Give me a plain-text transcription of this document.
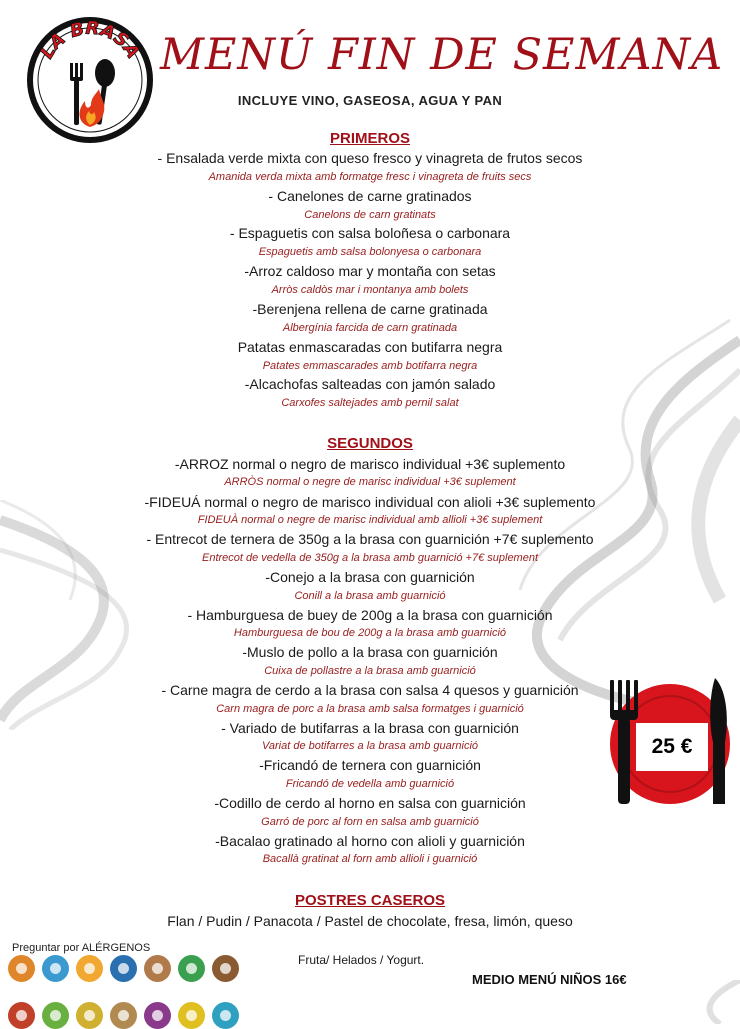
LA BRASA MENÚ FIN DE SEMANA
INCLUYE VINO, GASEOSA, AGUA Y PAN
PRIMEROS
- Ensalada verde mixta con queso fresco y vinagreta de frutos secos
Amanida verda mixta amb formatge fresc i vinagreta de fruits secs
- Canelones de carne gratinados
Canelons de carn gratinats
- Espaguetis con salsa boloñesa o carbonara
Espaguetis amb salsa bolonyesa o carbonara
-Arroz caldoso mar y montaña con setas
Arròs caldòs mar i montanya amb bolets
-Berenjena rellena de carne gratinada
Albergínia farcida de carn gratinada
Patatas enmascaradas con butifarra negra
Patates emmascarades amb botifarra negra
-Alcachofas salteadas con jamón salado
Carxofes saltejades amb pernil salat
SEGUNDOS
-ARROZ normal o negro de marisco individual +3€ suplemento
ARRÒS normal o negre de marisc individual +3€ suplement
-FIDEUÁ normal o negro de marisco individual con alioli +3€ suplemento
FIDEUÀ normal o negre de marisc individual amb allioli +3€ suplement
- Entrecot de ternera de 350g a la brasa con guarnición +7€ suplemento
Entrecot de vedella de 350g a la brasa amb guarnició +7€ suplement
-Conejo a la brasa con guarnición
Conill a la brasa amb guarnició
- Hamburguesa de buey de 200g a la brasa con guarnición
Hamburguesa de bou de 200g a la brasa amb guarnició
-Muslo de pollo a la brasa con guarnición
Cuixa de pollastre a la brasa amb guarnició
- Carne magra de cerdo a la brasa con salsa 4 quesos y guarnición
Carn magra de porc a la brasa amb salsa formatges i guarnició
- Variado de butifarras a la brasa con guarnición
Variat de botifarres a la brasa amb guarnició
-Fricandó de ternera con guarnición
Fricandó de vedella amb guarnició
-Codillo de cerdo al horno en salsa con guarnición
Garró de porc al forn en salsa amb guarnició
-Bacalao gratinado al horno con alioli y guarnición
Bacallà gratinat al forn amb allioli i guarnició
25 €
POSTRES CASEROS
Flan / Pudin / Panacota / Pastel de chocolate, fresa, limón, queso
Fruta/ Helados / Yogurt.
MEDIO MENÚ NIÑOS 16€
Preguntar por ALÉRGENOS
